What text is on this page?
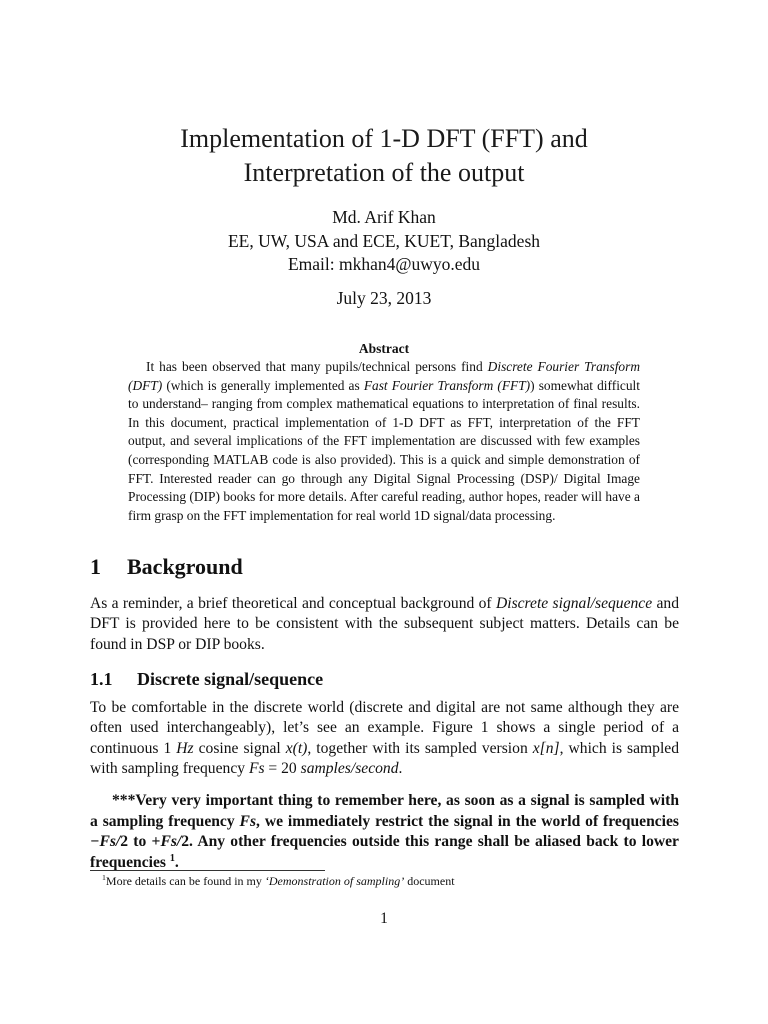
Implementation of 1-D DFT (FFT) and
Interpretation of the output
Md. Arif Khan
EE, UW, USA and ECE, KUET, Bangladesh
Email: mkhan4@uwyo.edu
July 23, 2013
Abstract
It has been observed that many pupils/technical persons find Discrete Fourier Transform (DFT) (which is generally implemented as Fast Fourier Transform (FFT)) somewhat difficult to understand– ranging from complex mathematical equations to interpretation of final results. In this document, practical implementation of 1-D DFT as FFT, interpretation of the FFT output, and several implications of the FFT implementation are discussed with few examples (corresponding MATLAB code is also provided). This is a quick and simple demonstration of FFT. Interested reader can go through any Digital Signal Processing (DSP)/ Digital Image Processing (DIP) books for more details. After careful reading, author hopes, reader will have a firm grasp on the FFT implementation for real world 1D signal/data processing.
1 Background
As a reminder, a brief theoretical and conceptual background of Discrete signal/sequence and DFT is provided here to be consistent with the subsequent subject matters. Details can be found in DSP or DIP books.
1.1 Discrete signal/sequence
To be comfortable in the discrete world (discrete and digital are not same although they are often used interchangeably), let’s see an example. Figure 1 shows a single period of a continuous 1 Hz cosine signal x(t), together with its sampled version x[n], which is sampled with sampling frequency Fs = 20 samples/second.
***Very very important thing to remember here, as soon as a signal is sampled with a sampling frequency Fs, we immediately restrict the signal in the world of frequencies −Fs/2 to +Fs/2. Any other frequencies outside this range shall be aliased back to lower frequencies $^1$.
$^1$More details can be found in my ‘Demonstration of sampling’ document
1
